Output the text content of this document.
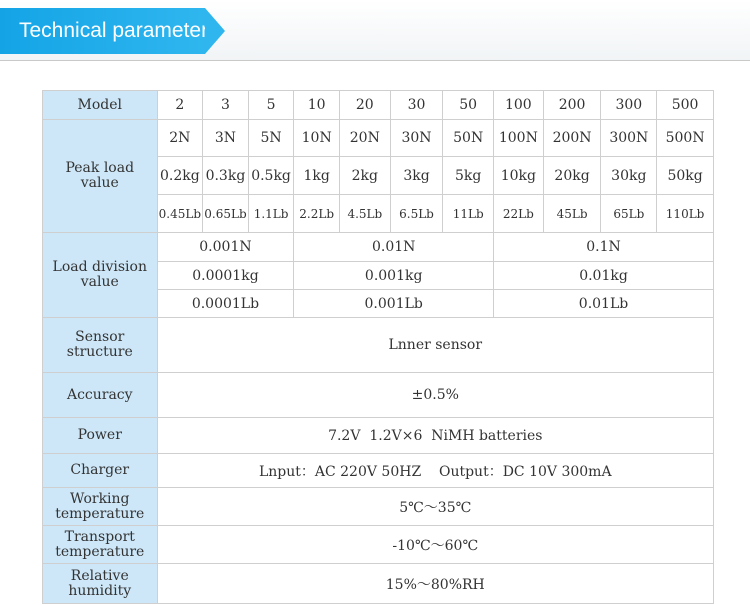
Technical parameter
Model	2	3	5	10	20	30	50	100	200	300	500

Peak load
value	2N	3N	5N	10N	20N	30N	50N	100N	200N	300N	500N
	0.2kg	0.3kg	0.5kg	1kg	2kg	3kg	5kg	10kg	20kg	30kg	50kg
	0.45Lb	0.65Lb	1.1Lb	2.2Lb	4.5Lb	6.5Lb	11Lb	22Lb	45Lb	65Lb	110Lb

Load division
value	0.001N			0.01N				0.1N			
	0.0001kg			0.001kg				0.01kg			
	0.0001Lb			0.001Lb				0.01Lb			

Sensor
structure	Lnner sensor										
Accuracy	±0.5%										
Power	7.2V  1.2V×6  NiMH batteries										
Charger	Lnput：AC 220V 50HZ    Output：DC 10V 300mA										

Working
temperature	5℃～35℃										

Transport
temperature	-10℃～60℃										

Relative
humidity	15%～80%RH										
